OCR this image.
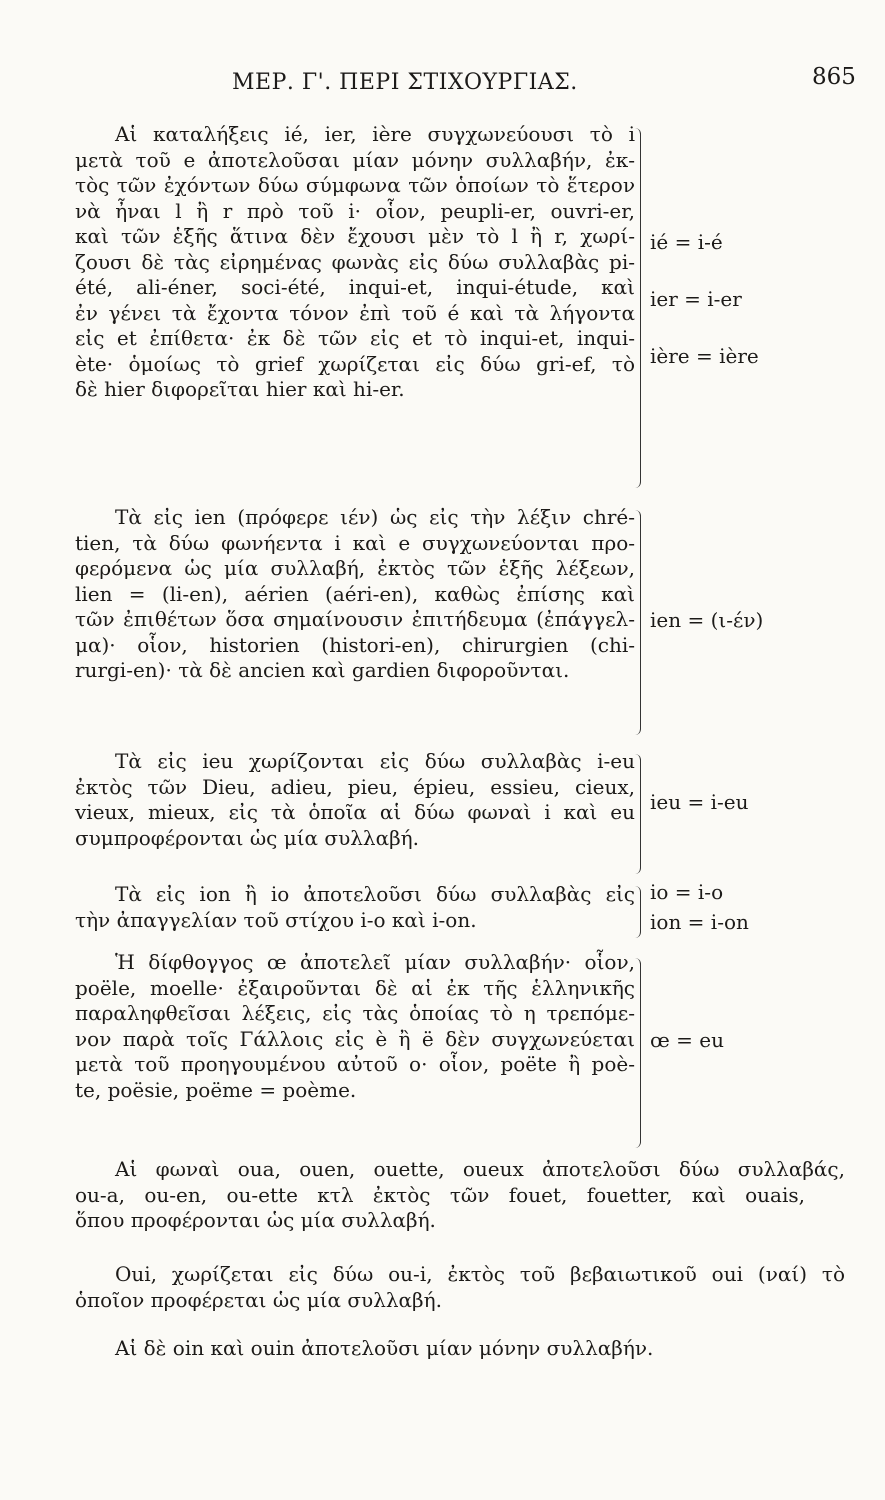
ΜΕΡ. Γ'. ΠΕΡΙ ΣΤΙΧΟΥΡΓΙΑΣ.	865
Αἱ καταλήξεις ié, ier, ière συγχωνεύουσι τὸ i
μετὰ τοῦ e ἀποτελοῦσαι μίαν μόνην συλλαβήν, ἐκ-
τὸς τῶν ἐχόντων δύω σύμφωνα τῶν ὁποίων τὸ ἕτερον
νὰ ἦναι l ἢ r πρὸ τοῦ i· οἷον, peupli-er, ouvri-er,
καὶ τῶν ἑξῆς ἅτινα δὲν ἔχουσι μὲν τὸ l ἢ r, χωρί-
ζουσι δὲ τὰς εἰρημένας φωνὰς εἰς δύω συλλαβὰς pi-
été, ali-éner, soci-été, inqui-et, inqui-étude, καὶ
ἐν γένει τὰ ἔχοντα τόνον ἐπὶ τοῦ é καὶ τὰ λήγοντα
εἰς et ἐπίθετα· ἐκ δὲ τῶν εἰς et τὸ inqui-et, inqui-
ète· ὁμοίως τὸ grief χωρίζεται εἰς δύω gri-ef, τὸ
δὲ hier διφορεῖται hier καὶ hi-er.
ié = i-é
ier = i-er
ière = ière
Τὰ εἰς ien (πρόφερε ιέν) ὡς εἰς τὴν λέξιν chré-
tien, τὰ δύω φωνήεντα i καὶ e συγχωνεύονται προ-
φερόμενα ὡς μία συλλαβή, ἐκτὸς τῶν ἑξῆς λέξεων,
lien = (li-en), aérien (aéri-en), καθὼς ἐπίσης καὶ
τῶν ἐπιθέτων ὅσα σημαίνουσιν ἐπιτήδευμα (ἐπάγγελ-
μα)· οἷον, historien (histori-en), chirurgien (chi-
rurgi-en)· τὰ δὲ ancien καὶ gardien διφοροῦνται.
ien = (ι-έν)
Τὰ εἰς ieu χωρίζονται εἰς δύω συλλαβὰς i-eu
ἐκτὸς τῶν Dieu, adieu, pieu, épieu, essieu, cieux,
vieux, mieux, εἰς τὰ ὁποῖα αἱ δύω φωναὶ i καὶ eu
συμπροφέρονται ὡς μία συλλαβή.
ieu = i-eu
Τὰ εἰς ion ἢ io ἀποτελοῦσι δύω συλλαβὰς εἰς
τὴν ἀπαγγελίαν τοῦ στίχου i-o καὶ i-on.
io = i-o
ion = i-on
Ἡ δίφθογγος œ ἀποτελεῖ μίαν συλλαβήν· οἷον,
poële, moelle· ἐξαιροῦνται δὲ αἱ ἐκ τῆς ἑλληνικῆς
παραληφθεῖσαι λέξεις, εἰς τὰς ὁποίας τὸ η τρεπόμε-
νον παρὰ τοῖς Γάλλοις εἰς è ἢ ë δὲν συγχωνεύεται
μετὰ τοῦ προηγουμένου αὐτοῦ o· οἷον, poëte ἢ poè-
te, poësie, poëme = poème.
œ = eu
Αἱ φωναὶ oua, ouen, ouette, oueux ἀποτελοῦσι δύω συλλαβάς,
ou-a, ou-en, ou-ette κτλ ἐκτὸς τῶν fouet, fouetter, καὶ ouais,
ὅπου προφέρονται ὡς μία συλλαβή.
Oui, χωρίζεται εἰς δύω ou-i, ἐκτὸς τοῦ βεβαιωτικοῦ oui (ναί) τὸ
ὁποῖον προφέρεται ὡς μία συλλαβή.
Αἱ δὲ oin καὶ ouin ἀποτελοῦσι μίαν μόνην συλλαβήν.
